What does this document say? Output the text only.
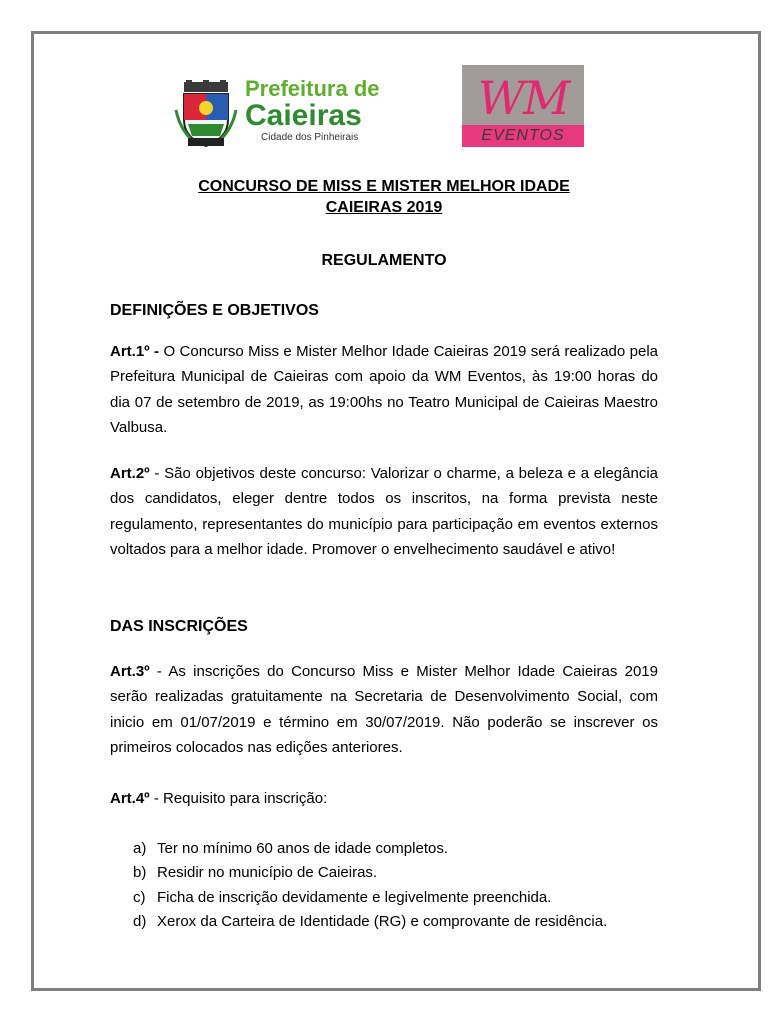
Prefeitura de
Caieiras
Cidade dos Pinheirais
WM
EVENTOS
CONCURSO DE MISS E MISTER MELHOR IDADE
CAIEIRAS 2019
REGULAMENTO
DEFINIÇÕES E OBJETIVOS
Art.1º - O Concurso Miss e Mister Melhor Idade Caieiras 2019 será realizado pela Prefeitura Municipal de Caieiras com apoio da WM Eventos, às 19:00 horas do dia 07 de setembro de 2019, as 19:00hs no Teatro Municipal de Caieiras Maestro Valbusa.
Art.2º - São objetivos deste concurso: Valorizar o charme, a beleza e a elegância dos candidatos, eleger dentre todos os inscritos, na forma prevista neste regulamento, representantes do município para participação em eventos externos voltados para a melhor idade. Promover o envelhecimento saudável e ativo!
DAS INSCRIÇÕES
Art.3º - As inscrições do Concurso Miss e Mister Melhor Idade Caieiras 2019 serão realizadas gratuitamente na Secretaria de Desenvolvimento Social, com inicio em 01/07/2019 e término em 30/07/2019. Não poderão se inscrever os primeiros colocados nas edições anteriores.
Art.4º - Requisito para inscrição:
a) Ter no mínimo 60 anos de idade completos.
b) Residir no município de Caieiras.
c) Ficha de inscrição devidamente e legivelmente preenchida.
d) Xerox da Carteira de Identidade (RG) e comprovante de residência.
